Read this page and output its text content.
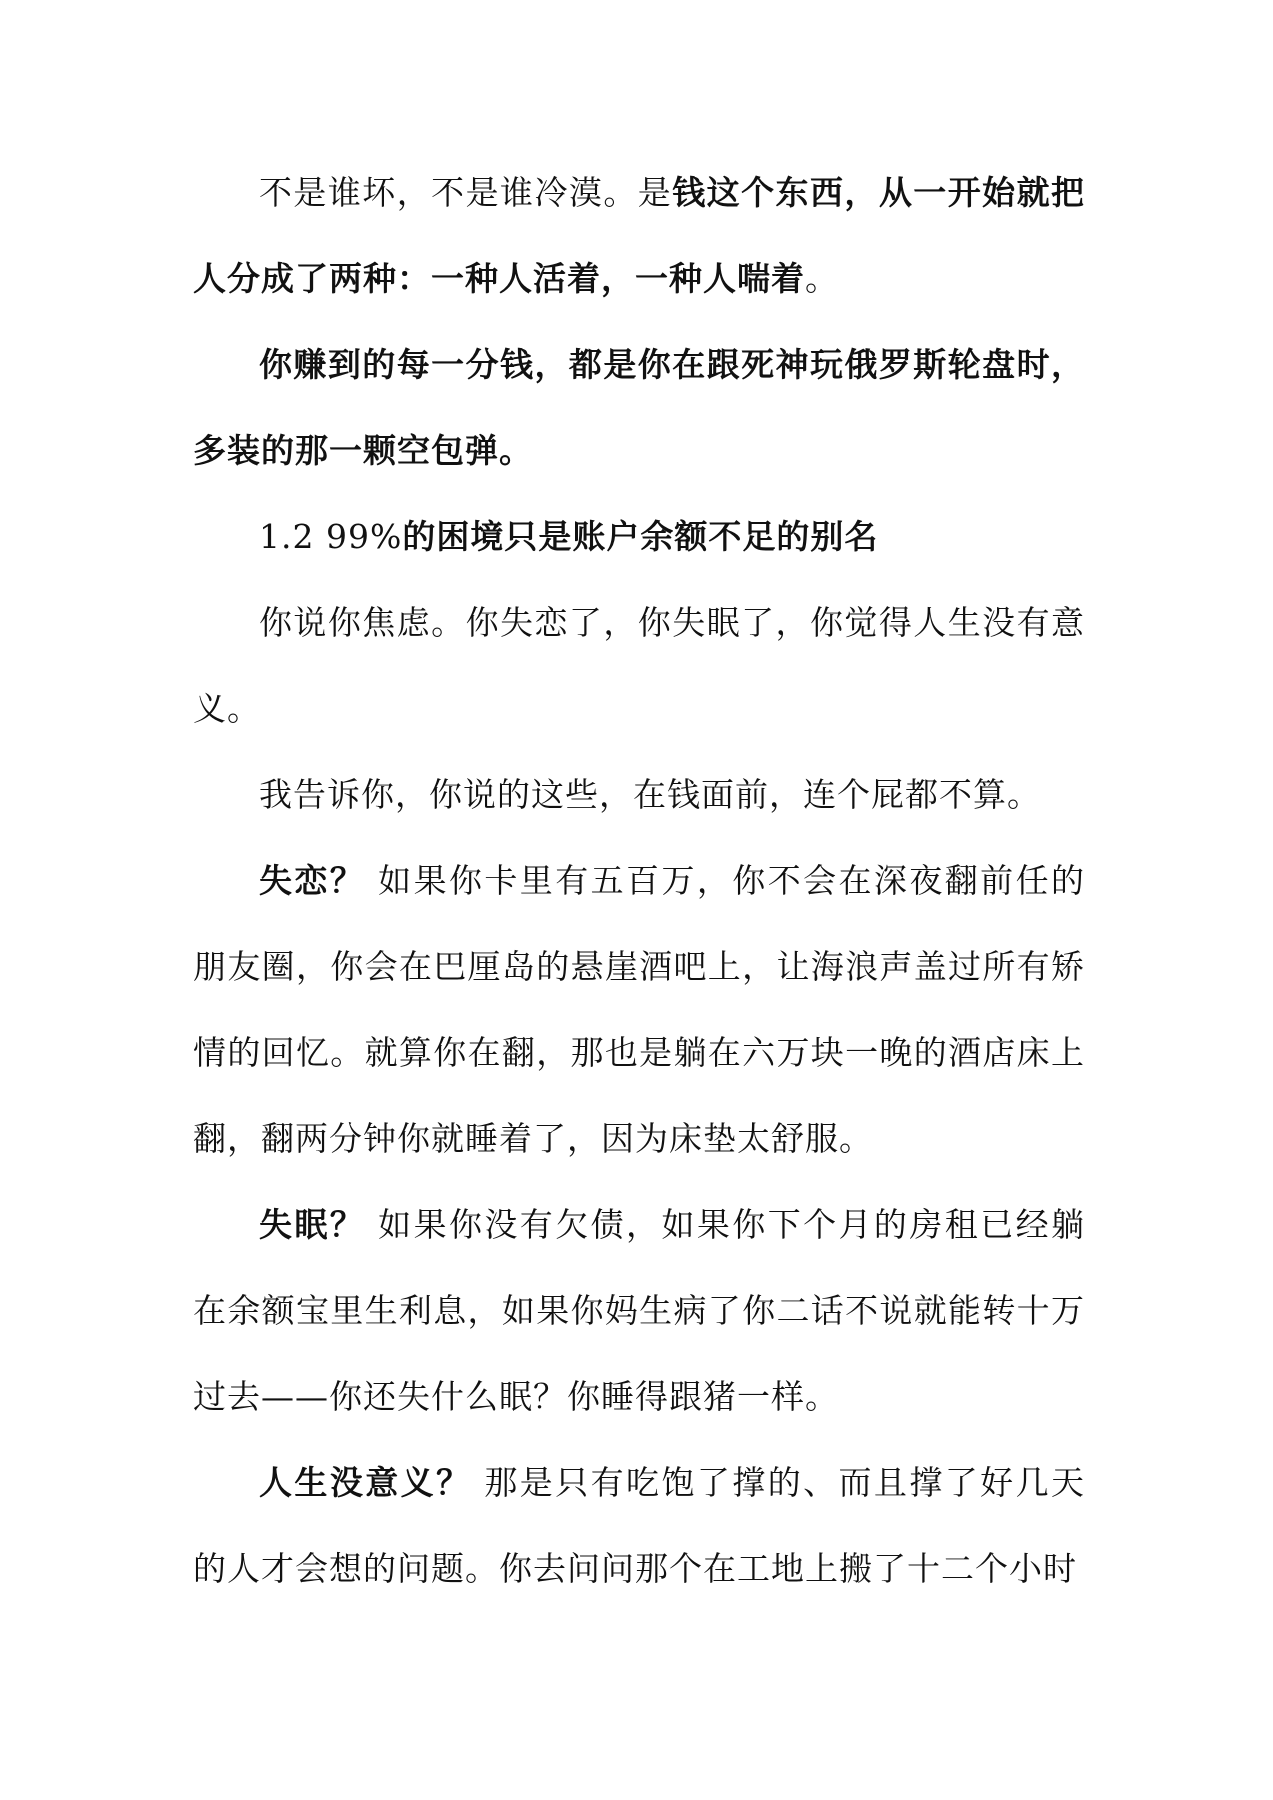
不是谁坏，不是谁冷漠。是钱这个东西，从一开始就把人分成了两种：一种人活着，一种人喘着。

你赚到的每一分钱，都是你在跟死神玩俄罗斯轮盘时，多装的那一颗空包弹。

1.2 99%的困境只是账户余额不足的别名

你说你焦虑。你失恋了，你失眠了，你觉得人生没有意义。

我告诉你，你说的这些，在钱面前，连个屁都不算。

失恋？ 如果你卡里有五百万，你不会在深夜翻前任的朋友圈，你会在巴厘岛的悬崖酒吧上，让海浪声盖过所有矫情的回忆。就算你在翻，那也是躺在六万块一晚的酒店床上翻，翻两分钟你就睡着了，因为床垫太舒服。

失眠？ 如果你没有欠债，如果你下个月的房租已经躺在余额宝里生利息，如果你妈生病了你二话不说就能转十万过去——你还失什么眠？你睡得跟猪一样。

人生没意义？ 那是只有吃饱了撑的、而且撑了好几天的人才会想的问题。你去问问那个在工地上搬了十二个小时
